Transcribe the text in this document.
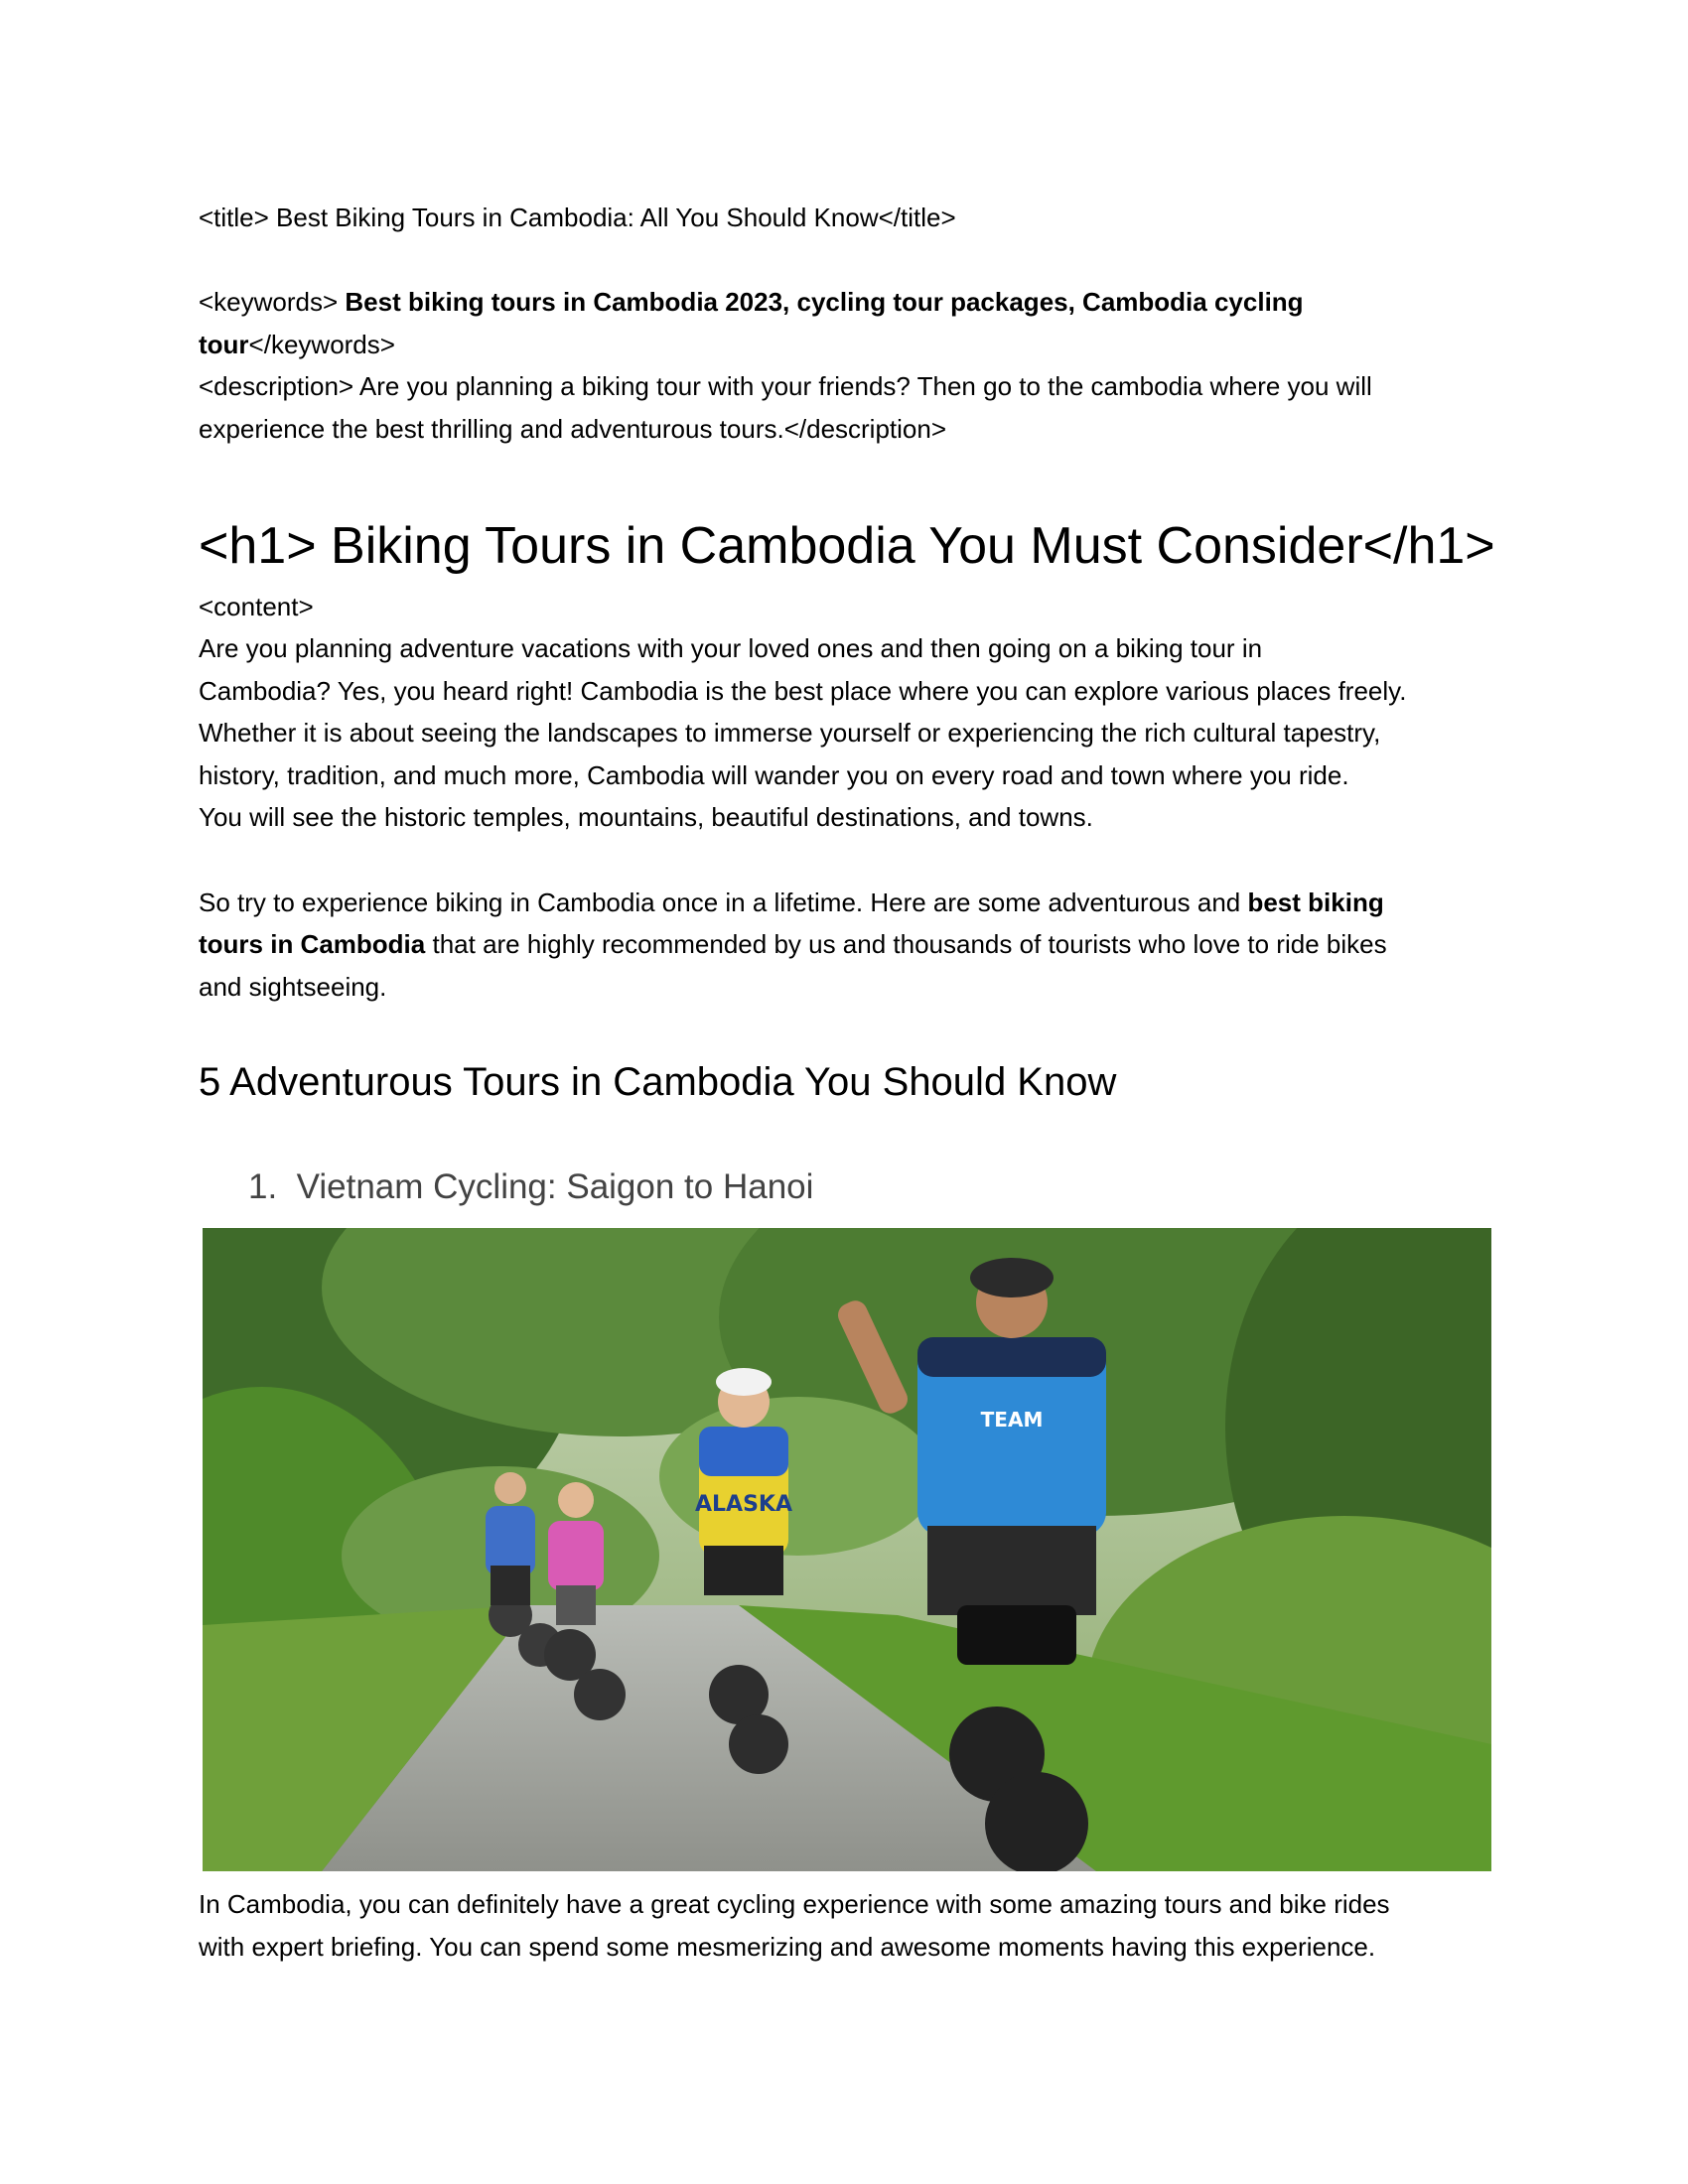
<title> Best Biking Tours in Cambodia: All You Should Know</title>

<keywords> Best biking tours in Cambodia 2023, cycling tour packages, Cambodia cycling tour</keywords>

<description> Are you planning a biking tour with your friends? Then go to the cambodia where you will

experience the best thrilling and adventurous tours.</description>

<h1> Biking Tours in Cambodia You Must Consider</h1>

<content>

Are you planning adventure vacations with your loved ones and then going on a biking tour in

Cambodia? Yes, you heard right! Cambodia is the best place where you can explore various places freely.

Whether it is about seeing the landscapes to immerse yourself or experiencing the rich cultural tapestry,

history, tradition, and much more, Cambodia will wander you on every road and town where you ride.

You will see the historic temples, mountains, beautiful destinations, and towns.

So try to experience biking in Cambodia once in a lifetime. Here are some adventurous and best biking

tours in Cambodia that are highly recommended by us and thousands of tourists who love to ride bikes

and sightseeing.

5 Adventurous Tours in Cambodia You Should Know
1. Vietnam Cycling: Saigon to Hanoi
ALASKA
TEAM

In Cambodia, you can definitely have a great cycling experience with some amazing tours and bike rides

with expert briefing. You can spend some mesmerizing and awesome moments having this experience.
